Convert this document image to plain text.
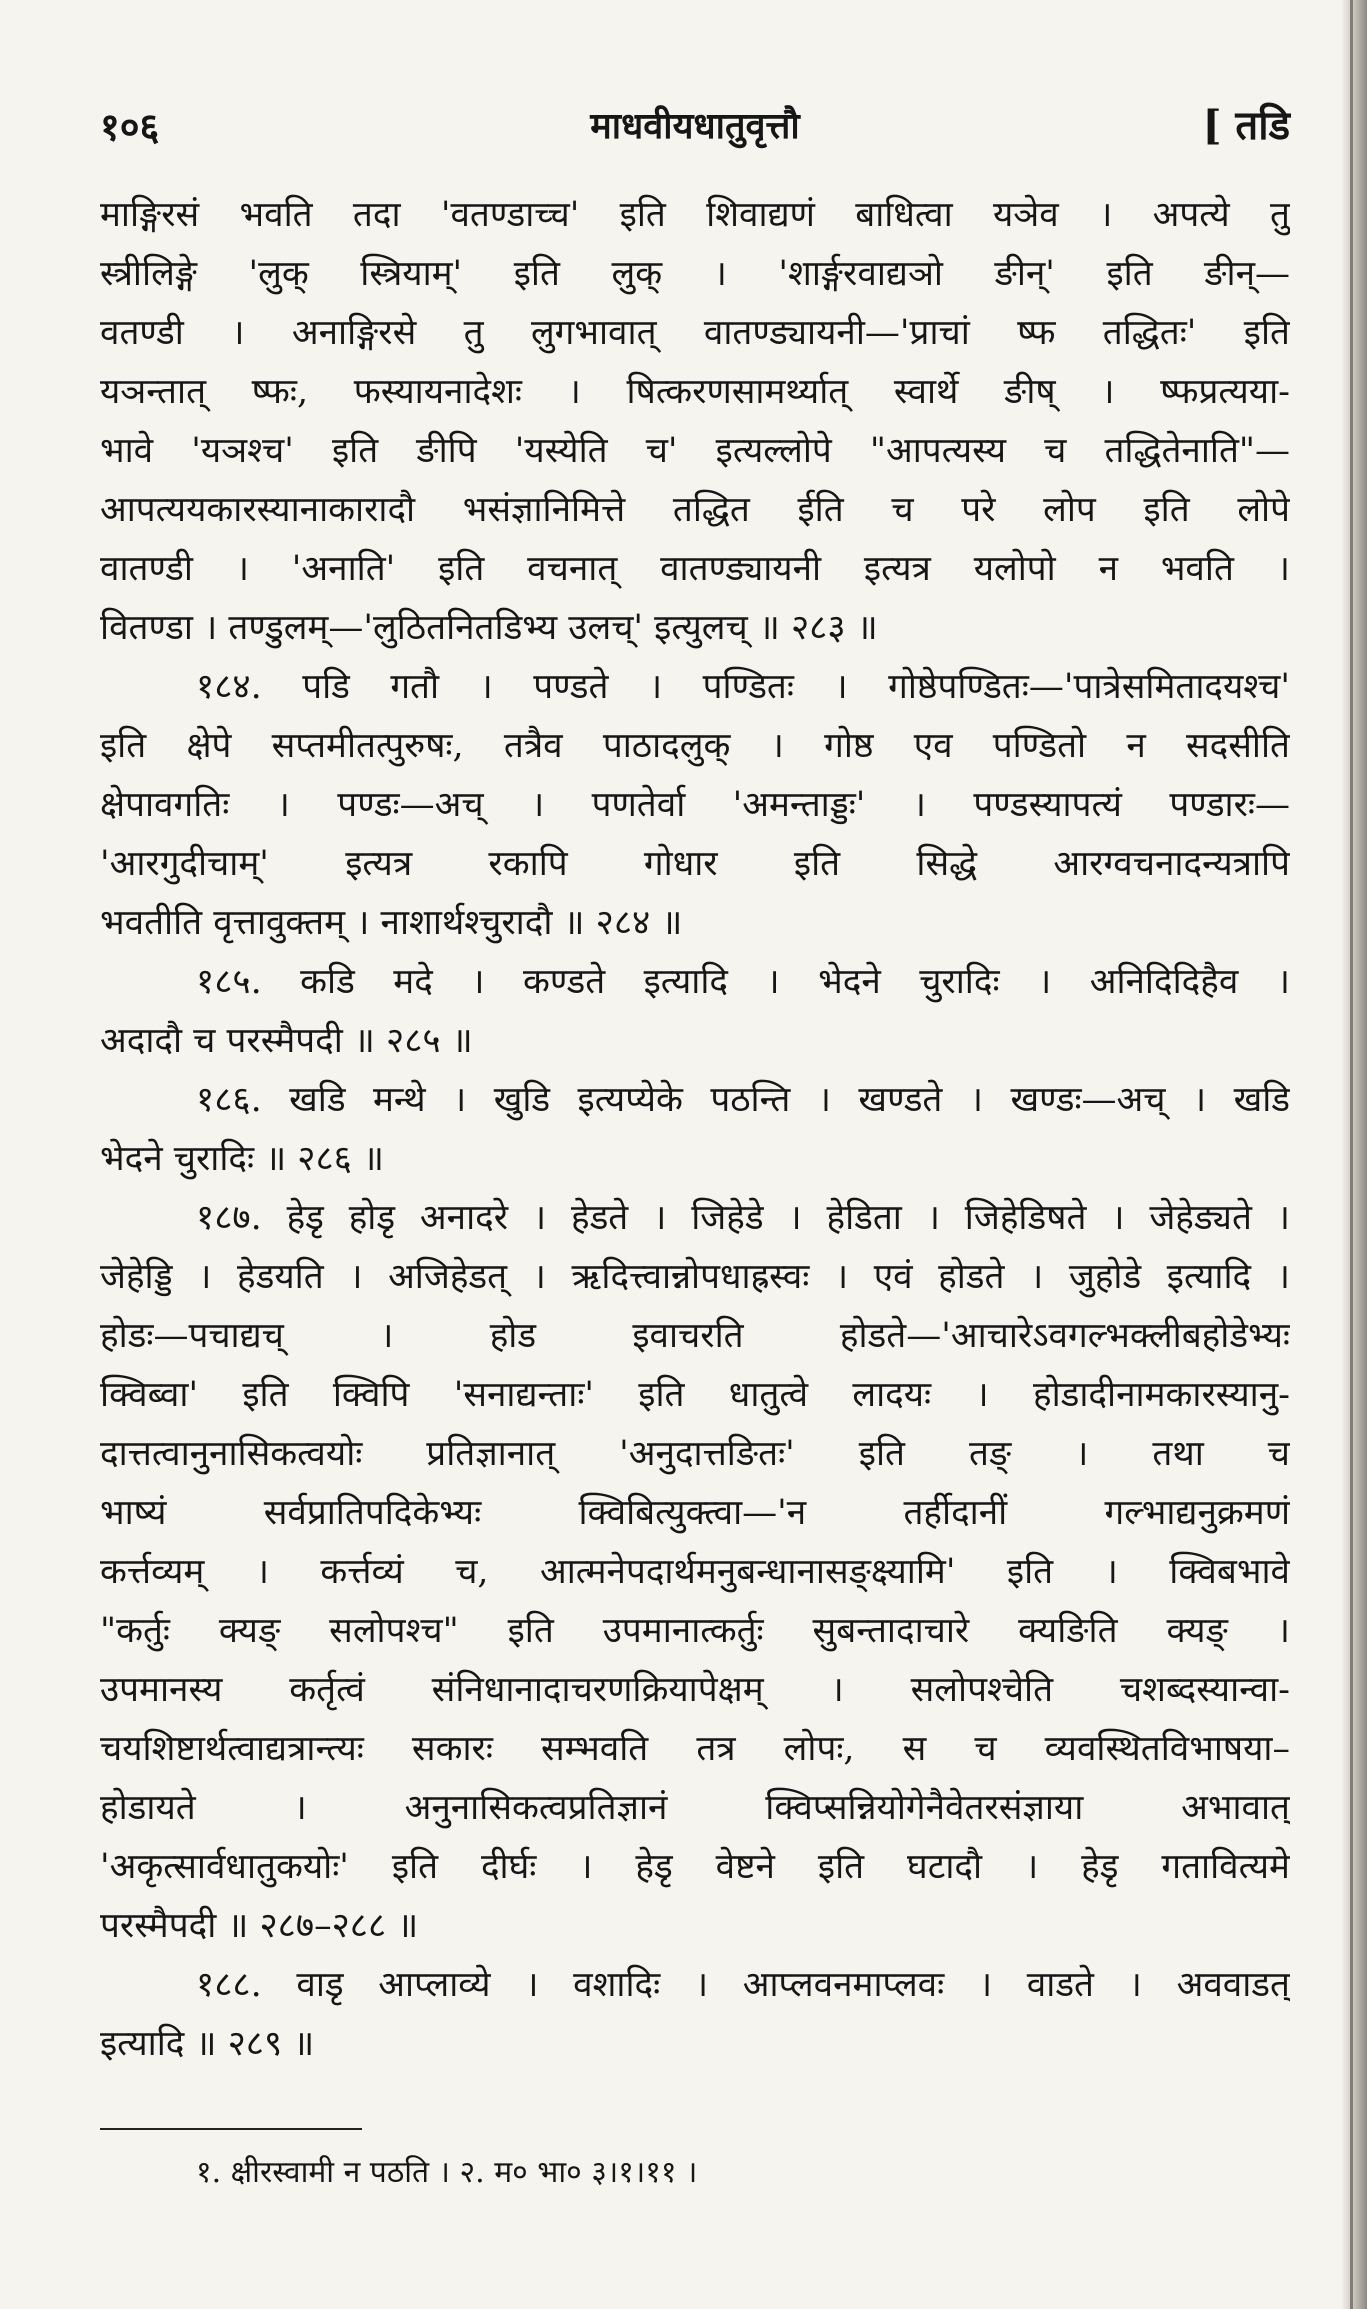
१०६	माधवीयधातुवृत्तौ	[ तडि
माङ्गिरसं भवति तदा 'वतण्डाच्च' इति शिवाद्यणं बाधित्वा यञेव । अपत्ये तु
स्त्रीलिङ्गे 'लुक् स्त्रियाम्' इति लुक् । 'शार्ङ्गरवाद्यञो ङीन्' इति ङीन्—
वतण्डी । अनाङ्गिरसे तु लुगभावात् वातण्ड्यायनी—'प्राचां ष्फ तद्धितः' इति
यञन्तात् ष्फः, फस्यायनादेशः । षित्करणसामर्थ्यात् स्वार्थे ङीष् । ष्फप्रत्यया-
भावे 'यञश्च' इति ङीपि 'यस्येति च' इत्यल्लोपे "आपत्यस्य च तद्धितेनाति"—
आपत्ययकारस्यानाकारादौ भसंज्ञानिमित्ते तद्धित ईति च परे लोप इति लोपे
वातण्डी । 'अनाति' इति वचनात् वातण्ड्यायनी इत्यत्र यलोपो न भवति ।
वितण्डा । तण्डुलम्—'लुठितनितडिभ्य उलच्' इत्युलच् ॥ २८३ ॥
१८४. पडि गतौ । पण्डते । पण्डितः । गोष्ठेपण्डितः—'पात्रेसमितादयश्च'
इति क्षेपे सप्तमीतत्पुरुषः, तत्रैव पाठादलुक् । गोष्ठ एव पण्डितो न सदसीति
क्षेपावगतिः । पण्डः—अच् । पणतेर्वा 'अमन्ताड्डः' । पण्डस्यापत्यं पण्डारः—
'आरगुदीचाम्' इत्यत्र रकापि गोधार इति सिद्धे आरग्वचनादन्यत्रापि
भवतीति वृत्तावुक्तम् । नाशार्थश्चुरादौ ॥ २८४ ॥
१८५. कडि मदे । कण्डते इत्यादि । भेदने चुरादिः । अनिदिदिहैव ।
अदादौ च परस्मैपदी ॥ २८५ ॥
१८६. खडि मन्थे । खुडि इत्यप्येके पठन्ति । खण्डते । खण्डः—अच् । खडि
भेदने चुरादिः ॥ २८६ ॥
१८७. हेडृ होडृ अनादरे । हेडते । जिहेडे । हेडिता । जिहेडिषते । जेहेड्यते ।
जेहेड्डि । हेडयति । अजिहेडत् । ऋदित्त्वान्नोपधाह्रस्वः । एवं होडते । जुहोडे इत्यादि ।
होडः—पचाद्यच् । होड इवाचरति होडते—'आचारेऽवगल्भक्लीबहोडेभ्यः
क्विब्वा' इति क्विपि 'सनाद्यन्ताः' इति धातुत्वे लादयः । होडादीनामकारस्यानु-
दात्तत्वानुनासिकत्वयोः प्रतिज्ञानात् 'अनुदात्तङितः' इति तङ् । तथा च
भाष्यं सर्वप्रातिपदिकेभ्यः क्विबित्युक्त्वा—'न तर्हीदानीं गल्भाद्यनुक्रमणं
कर्त्तव्यम् । कर्त्तव्यं च, आत्मनेपदार्थमनुबन्धानासङ्क्ष्यामि' इति । क्विबभावे
"कर्तुः क्यङ् सलोपश्च" इति उपमानात्कर्तुः सुबन्तादाचारे क्यङिति क्यङ् ।
उपमानस्य कर्तृत्वं संनिधानादाचरणक्रियापेक्षम् । सलोपश्चेति चशब्दस्यान्वा-
चयशिष्टार्थत्वाद्यत्रान्त्यः सकारः सम्भवति तत्र लोपः, स च व्यवस्थितविभाषया–
होडायते । अनुनासिकत्वप्रतिज्ञानं क्विप्सन्नियोगेनैवेतरसंज्ञाया अभावात्
'अकृत्सार्वधातुकयोः' इति दीर्घः । हेडृ वेष्टने इति घटादौ । हेडृ गतावित्यमे
परस्मैपदी ॥ २८७–२८८ ॥
१८८. वाडृ आप्लाव्ये । वशादिः । आप्लवनमाप्लवः । वाडते । अववाडत्
इत्यादि ॥ २८९ ॥
१. क्षीरस्वामी न पठति । २. म० भा० ३।१।११ ।
